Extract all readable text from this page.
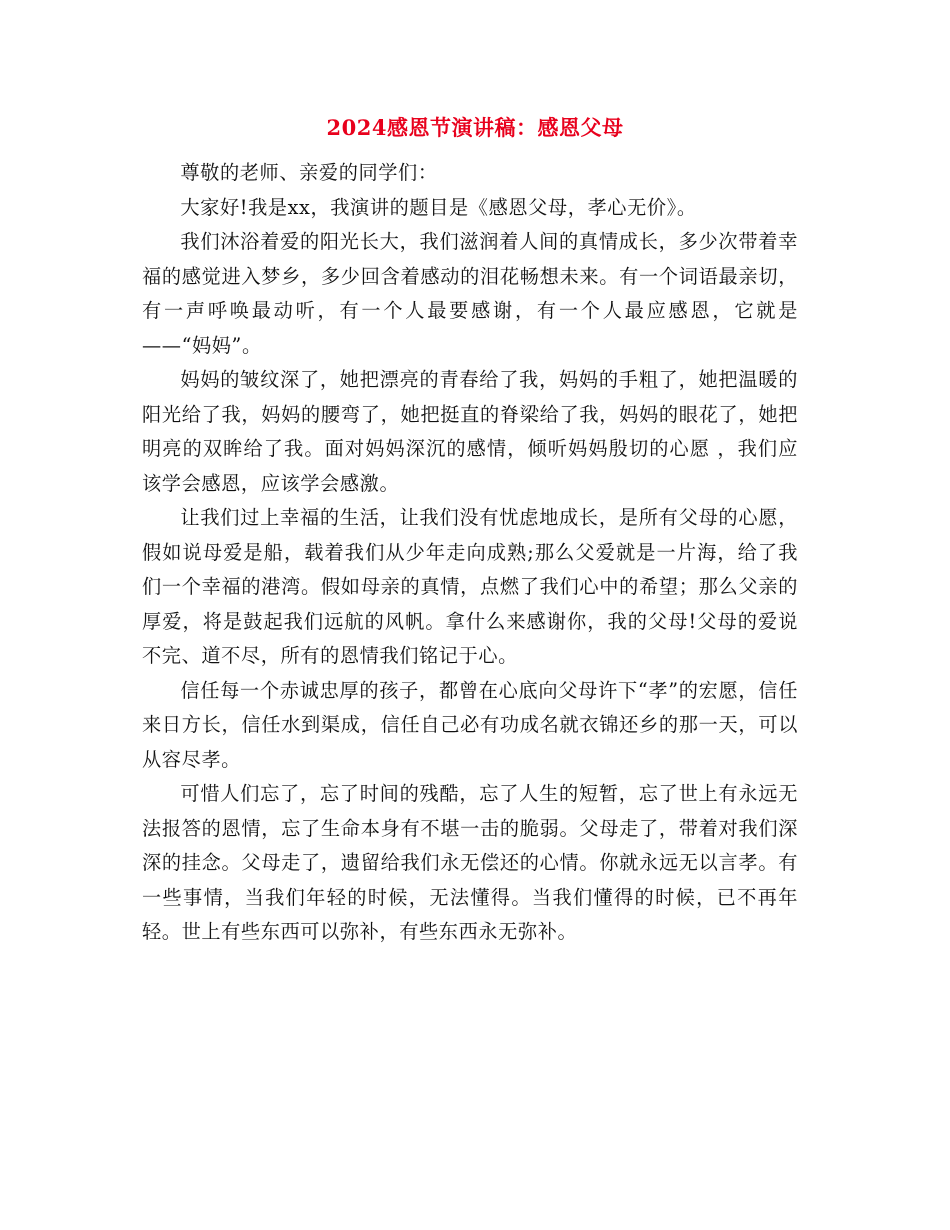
2024感恩节演讲稿：感恩父母

尊敬的老师、亲爱的同学们：

大家好!我是xx，我演讲的题目是《感恩父母，孝心无价》。

我们沐浴着爱的阳光长大，我们滋润着人间的真情成长，多少次带着幸福的感觉进入梦乡，多少回含着感动的泪花畅想未来。有一个词语最亲切，有一声呼唤最动听，有一个人最要感谢，有一个人最应感恩，它就是——“妈妈”。

妈妈的皱纹深了，她把漂亮的青春给了我，妈妈的手粗了，她把温暖的阳光给了我，妈妈的腰弯了，她把挺直的脊梁给了我，妈妈的眼花了，她把明亮的双眸给了我。面对妈妈深沉的感情，倾听妈妈殷切的心愿 ，我们应该学会感恩，应该学会感激。

让我们过上幸福的生活，让我们没有忧虑地成长，是所有父母的心愿，假如说母爱是船，载着我们从少年走向成熟;那么父爱就是一片海，给了我们一个幸福的港湾。假如母亲的真情，点燃了我们心中的希望；那么父亲的厚爱，将是鼓起我们远航的风帆。拿什么来感谢你，我的父母!父母的爱说不完、道不尽，所有的恩情我们铭记于心。

信任每一个赤诚忠厚的孩子，都曾在心底向父母许下“孝”的宏愿，信任来日方长，信任水到渠成，信任自己必有功成名就衣锦还乡的那一天，可以从容尽孝。

可惜人们忘了，忘了时间的残酷，忘了人生的短暂，忘了世上有永远无法报答的恩情，忘了生命本身有不堪一击的脆弱。父母走了，带着对我们深深的挂念。父母走了，遗留给我们永无偿还的心情。你就永远无以言孝。有一些事情，当我们年轻的时候，无法懂得。当我们懂得的时候，已不再年轻。世上有些东西可以弥补，有些东西永无弥补。
